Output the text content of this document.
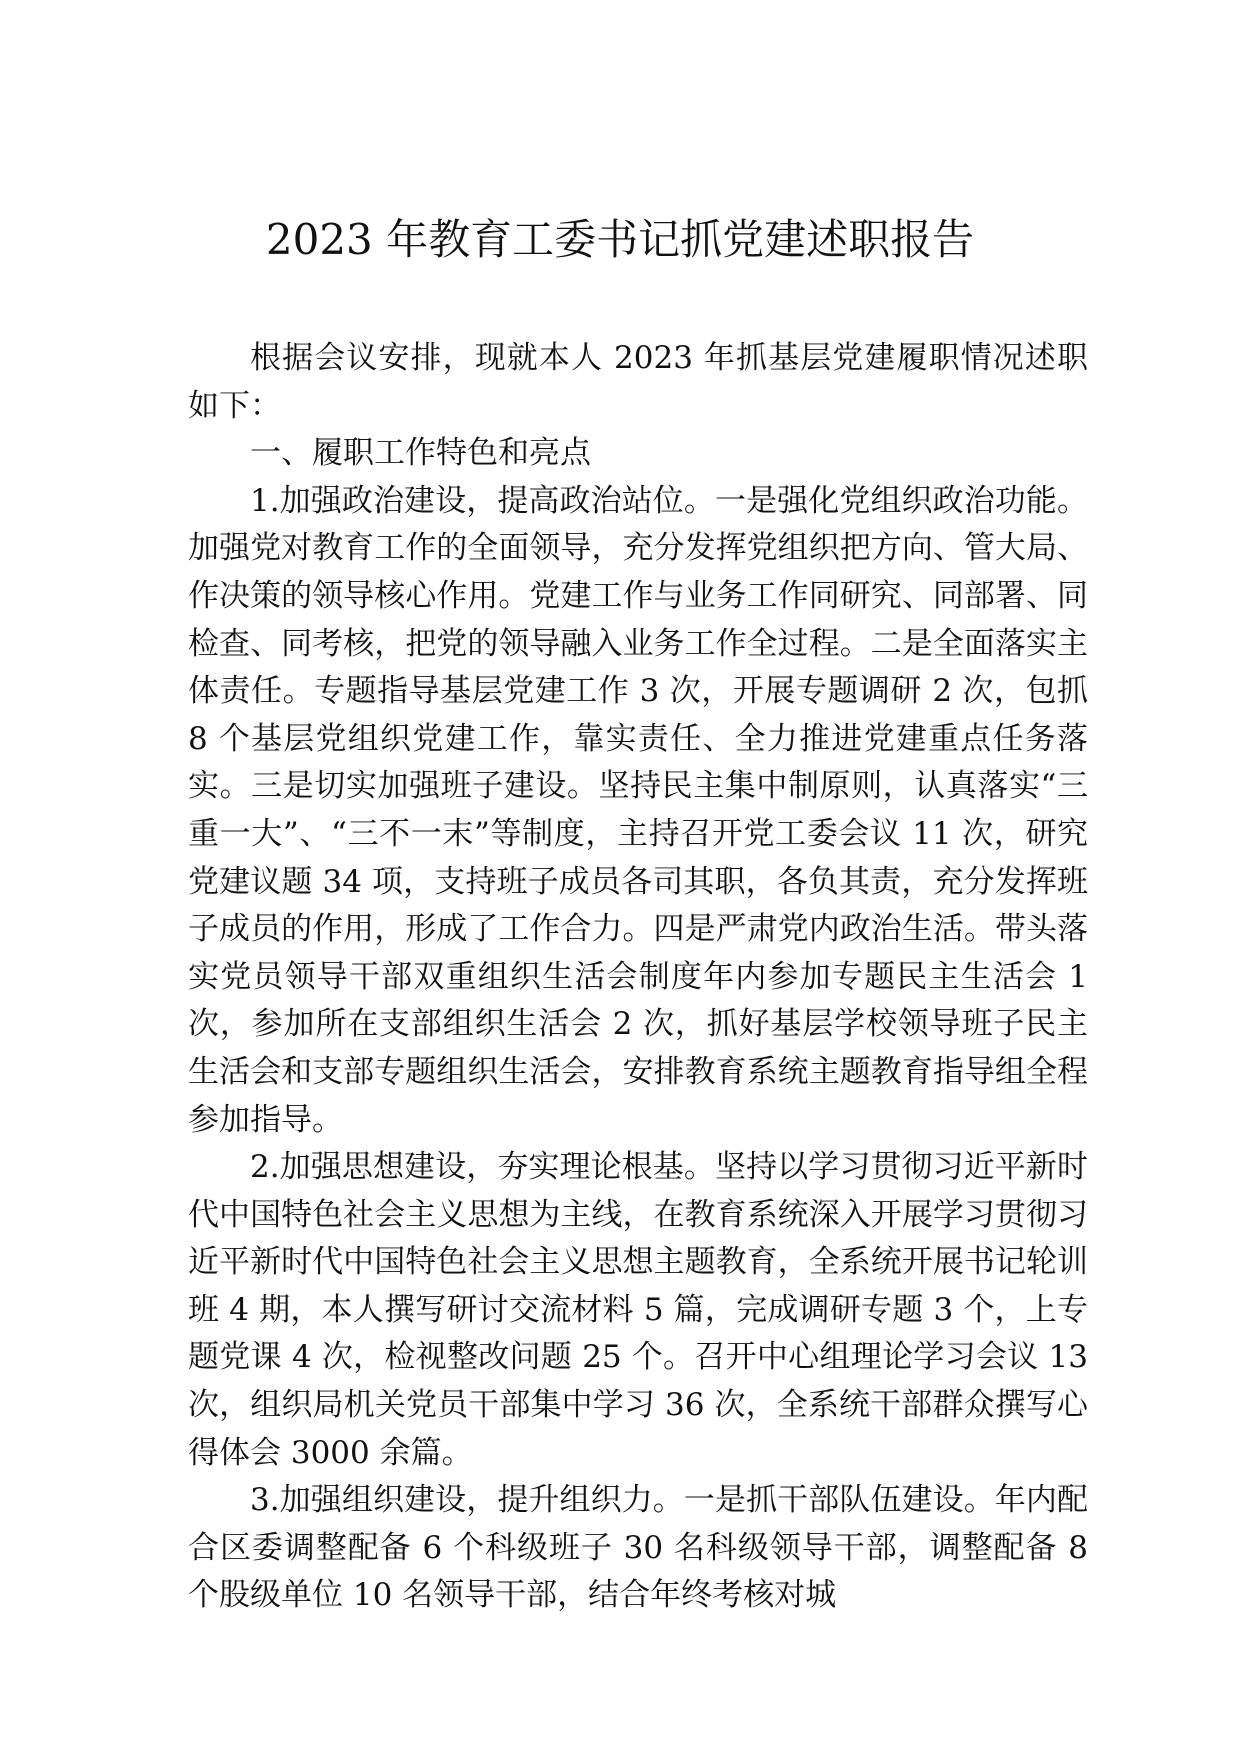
2023 年教育工委书记抓党建述职报告

根据会议安排，现就本人 2023 年抓基层党建履职情况述职如下：

一、履职工作特色和亮点

1.加强政治建设，提高政治站位。一是强化党组织政治功能。加强党对教育工作的全面领导，充分发挥党组织把方向、管大局、作决策的领导核心作用。党建工作与业务工作同研究、同部署、同检查、同考核，把党的领导融入业务工作全过程。二是全面落实主体责任。专题指导基层党建工作 3 次，开展专题调研 2 次，包抓 8 个基层党组织党建工作，靠实责任、全力推进党建重点任务落实。三是切实加强班子建设。坚持民主集中制原则，认真落实“三重一大”、“三不一末”等制度，主持召开党工委会议 11 次，研究党建议题 34 项，支持班子成员各司其职，各负其责，充分发挥班子成员的作用，形成了工作合力。四是严肃党内政治生活。带头落实党员领导干部双重组织生活会制度年内参加专题民主生活会 1 次，参加所在支部组织生活会 2 次，抓好基层学校领导班子民主生活会和支部专题组织生活会，安排教育系统主题教育指导组全程参加指导。

2.加强思想建设，夯实理论根基。坚持以学习贯彻习近平新时代中国特色社会主义思想为主线，在教育系统深入开展学习贯彻习近平新时代中国特色社会主义思想主题教育，全系统开展书记轮训班 4 期，本人撰写研讨交流材料 5 篇，完成调研专题 3 个，上专题党课 4 次，检视整改问题 25 个。召开中心组理论学习会议 13 次，组织局机关党员干部集中学习 36 次，全系统干部群众撰写心得体会 3000 余篇。

3.加强组织建设，提升组织力。一是抓干部队伍建设。年内配合区委调整配备 6 个科级班子 30 名科级领导干部，调整配备 8 个股级单位 10 名领导干部，结合年终考核对城
